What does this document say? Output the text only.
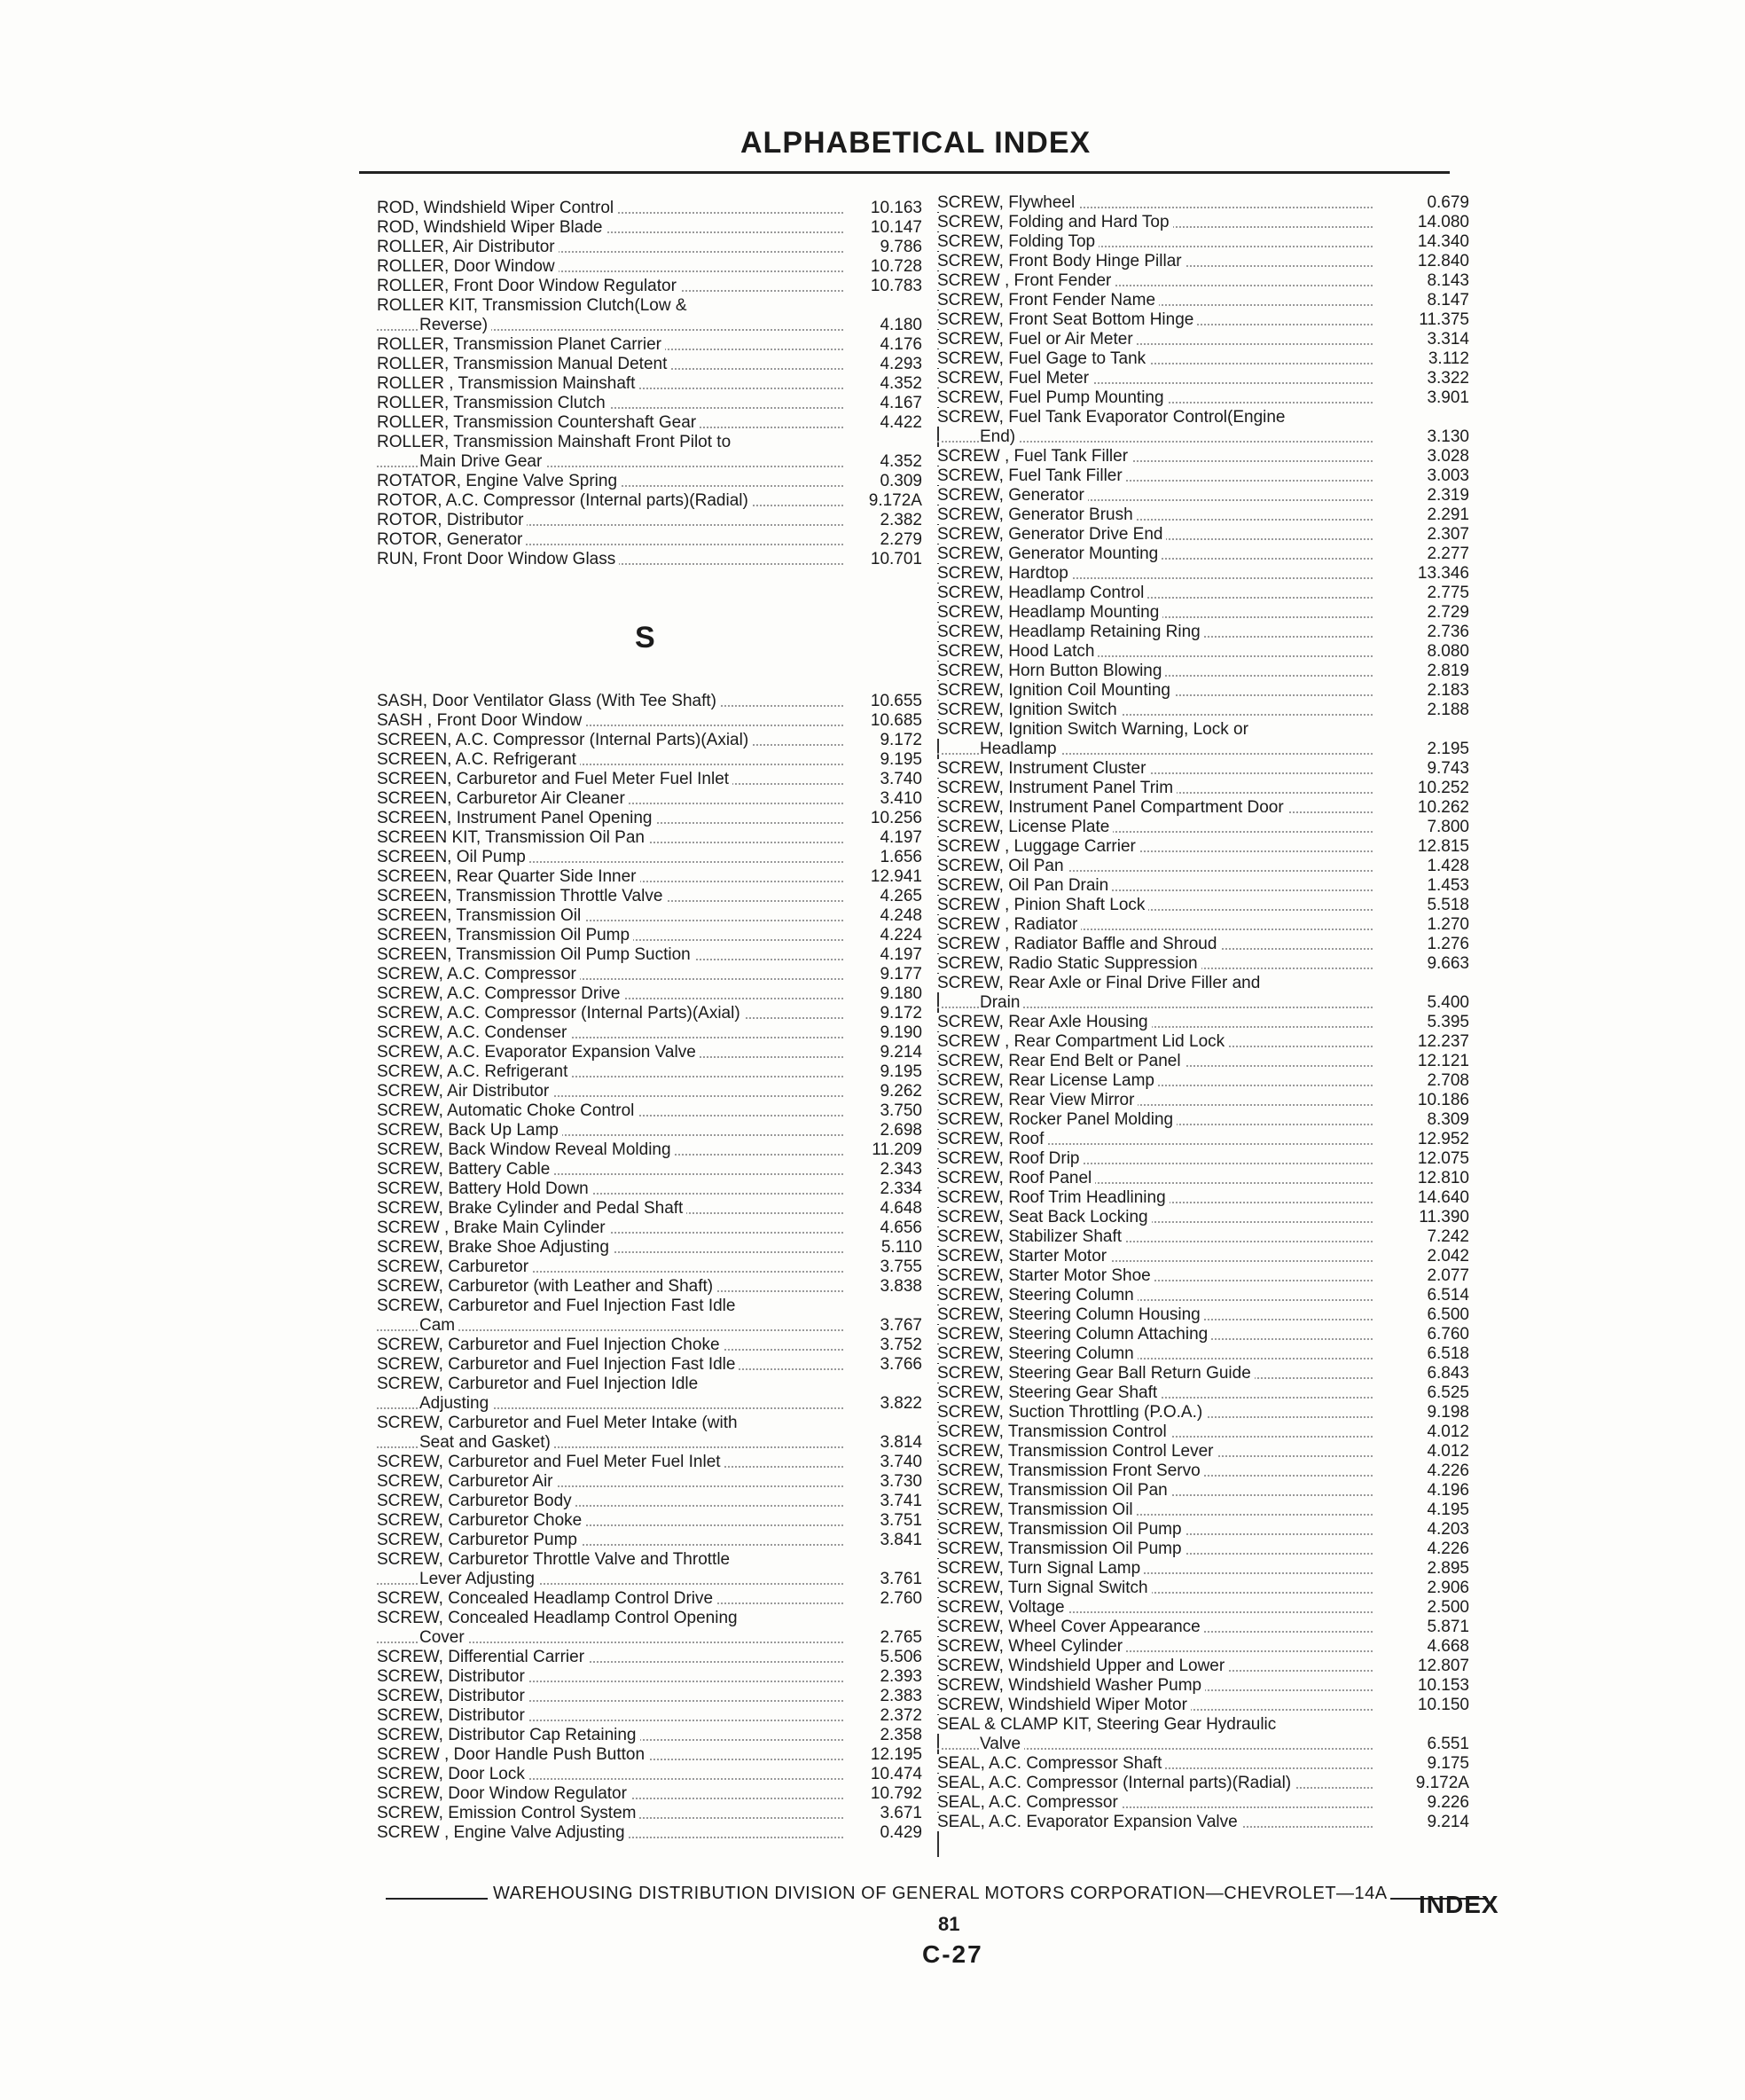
ALPHABETICAL INDEX
ROD, Windshield Wiper Control	10.163
ROD, Windshield Wiper Blade	10.147
ROLLER, Air Distributor	9.786
ROLLER, Door Window	10.728
ROLLER, Front Door Window Regulator	10.783
ROLLER KIT, Transmission Clutch(Low &
Reverse)	4.180
ROLLER, Transmission Planet Carrier	4.176
ROLLER, Transmission Manual Detent	4.293
ROLLER , Transmission Mainshaft	4.352
ROLLER, Transmission Clutch	4.167
ROLLER, Transmission Countershaft Gear	4.422
ROLLER, Transmission Mainshaft Front Pilot to
Main Drive Gear	4.352
ROTATOR, Engine Valve Spring	0.309
ROTOR, A.C. Compressor (Internal parts)(Radial)	9.172A
ROTOR, Distributor	2.382
ROTOR, Generator	2.279
RUN, Front Door Window Glass	10.701
S
SASH, Door Ventilator Glass (With Tee Shaft)	10.655
SASH , Front Door Window	10.685
SCREEN, A.C. Compressor (Internal Parts)(Axial)	9.172
SCREEN, A.C. Refrigerant	9.195
SCREEN, Carburetor and Fuel Meter Fuel Inlet	3.740
SCREEN, Carburetor Air Cleaner	3.410
SCREEN, Instrument Panel Opening	10.256
SCREEN KIT, Transmission Oil Pan	4.197
SCREEN, Oil Pump	1.656
SCREEN, Rear Quarter Side Inner	12.941
SCREEN, Transmission Throttle Valve	4.265
SCREEN, Transmission Oil	4.248
SCREEN, Transmission Oil Pump	4.224
SCREEN, Transmission Oil Pump Suction	4.197
SCREW, A.C. Compressor	9.177
SCREW, A.C. Compressor Drive	9.180
SCREW, A.C. Compressor (Internal Parts)(Axial)	9.172
SCREW, A.C. Condenser	9.190
SCREW, A.C. Evaporator Expansion Valve	9.214
SCREW, A.C. Refrigerant	9.195
SCREW, Air Distributor	9.262
SCREW, Automatic Choke Control	3.750
SCREW, Back Up Lamp	2.698
SCREW, Back Window Reveal Molding	11.209
SCREW, Battery Cable	2.343
SCREW, Battery Hold Down	2.334
SCREW, Brake Cylinder and Pedal Shaft	4.648
SCREW , Brake Main Cylinder	4.656
SCREW, Brake Shoe Adjusting	5.110
SCREW, Carburetor	3.755
SCREW, Carburetor (with Leather and Shaft)	3.838
SCREW, Carburetor and Fuel Injection Fast Idle
Cam	3.767
SCREW, Carburetor and Fuel Injection Choke	3.752
SCREW, Carburetor and Fuel Injection Fast Idle	3.766
SCREW, Carburetor and Fuel Injection Idle
Adjusting	3.822
SCREW, Carburetor and Fuel Meter Intake (with
Seat and Gasket)	3.814
SCREW, Carburetor and Fuel Meter Fuel Inlet	3.740
SCREW, Carburetor Air	3.730
SCREW, Carburetor Body	3.741
SCREW, Carburetor Choke	3.751
SCREW, Carburetor Pump	3.841
SCREW, Carburetor Throttle Valve and Throttle
Lever Adjusting	3.761
SCREW, Concealed Headlamp Control Drive	2.760
SCREW, Concealed Headlamp Control Opening
Cover	2.765
SCREW, Differential Carrier	5.506
SCREW, Distributor	2.393
SCREW, Distributor	2.383
SCREW, Distributor	2.372
SCREW, Distributor Cap Retaining	2.358
SCREW , Door Handle Push Button	12.195
SCREW, Door Lock	10.474
SCREW, Door Window Regulator	10.792
SCREW, Emission Control System	3.671
SCREW , Engine Valve Adjusting	0.429
SCREW, Flywheel	0.679
SCREW, Folding and Hard Top	14.080
SCREW, Folding Top	14.340
SCREW, Front Body Hinge Pillar	12.840
SCREW , Front Fender	8.143
SCREW, Front Fender Name	8.147
SCREW, Front Seat Bottom Hinge	11.375
SCREW, Fuel or Air Meter	3.314
SCREW, Fuel Gage to Tank	3.112
SCREW, Fuel Meter	3.322
SCREW, Fuel Pump Mounting	3.901
SCREW, Fuel Tank Evaporator Control(Engine
End)	3.130
SCREW , Fuel Tank Filler	3.028
SCREW, Fuel Tank Filler	3.003
SCREW, Generator	2.319
SCREW, Generator Brush	2.291
SCREW, Generator Drive End	2.307
SCREW, Generator Mounting	2.277
SCREW, Hardtop	13.346
SCREW, Headlamp Control	2.775
SCREW, Headlamp Mounting	2.729
SCREW, Headlamp Retaining Ring	2.736
SCREW, Hood Latch	8.080
SCREW, Horn Button Blowing	2.819
SCREW, Ignition Coil Mounting	2.183
SCREW, Ignition Switch	2.188
SCREW, Ignition Switch Warning, Lock or
Headlamp	2.195
SCREW, Instrument Cluster	9.743
SCREW, Instrument Panel Trim	10.252
SCREW, Instrument Panel Compartment Door	10.262
SCREW, License Plate	7.800
SCREW , Luggage Carrier	12.815
SCREW, Oil Pan	1.428
SCREW, Oil Pan Drain	1.453
SCREW , Pinion Shaft Lock	5.518
SCREW , Radiator	1.270
SCREW , Radiator Baffle and Shroud	1.276
SCREW, Radio Static Suppression	9.663
SCREW, Rear Axle or Final Drive Filler and
Drain	5.400
SCREW, Rear Axle Housing	5.395
SCREW , Rear Compartment Lid Lock	12.237
SCREW, Rear End Belt or Panel	12.121
SCREW, Rear License Lamp	2.708
SCREW, Rear View Mirror	10.186
SCREW, Rocker Panel Molding	8.309
SCREW, Roof	12.952
SCREW, Roof Drip	12.075
SCREW, Roof Panel	12.810
SCREW, Roof Trim Headlining	14.640
SCREW, Seat Back Locking	11.390
SCREW, Stabilizer Shaft	7.242
SCREW, Starter Motor	2.042
SCREW, Starter Motor Shoe	2.077
SCREW, Steering Column	6.514
SCREW, Steering Column Housing	6.500
SCREW, Steering Column Attaching	6.760
SCREW, Steering Column	6.518
SCREW, Steering Gear Ball Return Guide	6.843
SCREW, Steering Gear Shaft	6.525
SCREW, Suction Throttling (P.O.A.)	9.198
SCREW, Transmission Control	4.012
SCREW, Transmission Control Lever	4.012
SCREW, Transmission Front Servo	4.226
SCREW, Transmission Oil Pan	4.196
SCREW, Transmission Oil	4.195
SCREW, Transmission Oil Pump	4.203
SCREW, Transmission Oil Pump	4.226
SCREW, Turn Signal Lamp	2.895
SCREW, Turn Signal Switch	2.906
SCREW, Voltage	2.500
SCREW, Wheel Cover Appearance	5.871
SCREW, Wheel Cylinder	4.668
SCREW, Windshield Upper and Lower	12.807
SCREW, Windshield Washer Pump	10.153
SCREW, Windshield Wiper Motor	10.150
SEAL & CLAMP KIT, Steering Gear Hydraulic
Valve	6.551
SEAL, A.C. Compressor Shaft	9.175
SEAL, A.C. Compressor (Internal parts)(Radial)	9.172A
SEAL, A.C. Compressor	9.226
SEAL, A.C. Evaporator Expansion Valve	9.214
WAREHOUSING DISTRIBUTION DIVISION OF GENERAL MOTORS CORPORATION—CHEVROLET—14A INDEX
81
C-27
